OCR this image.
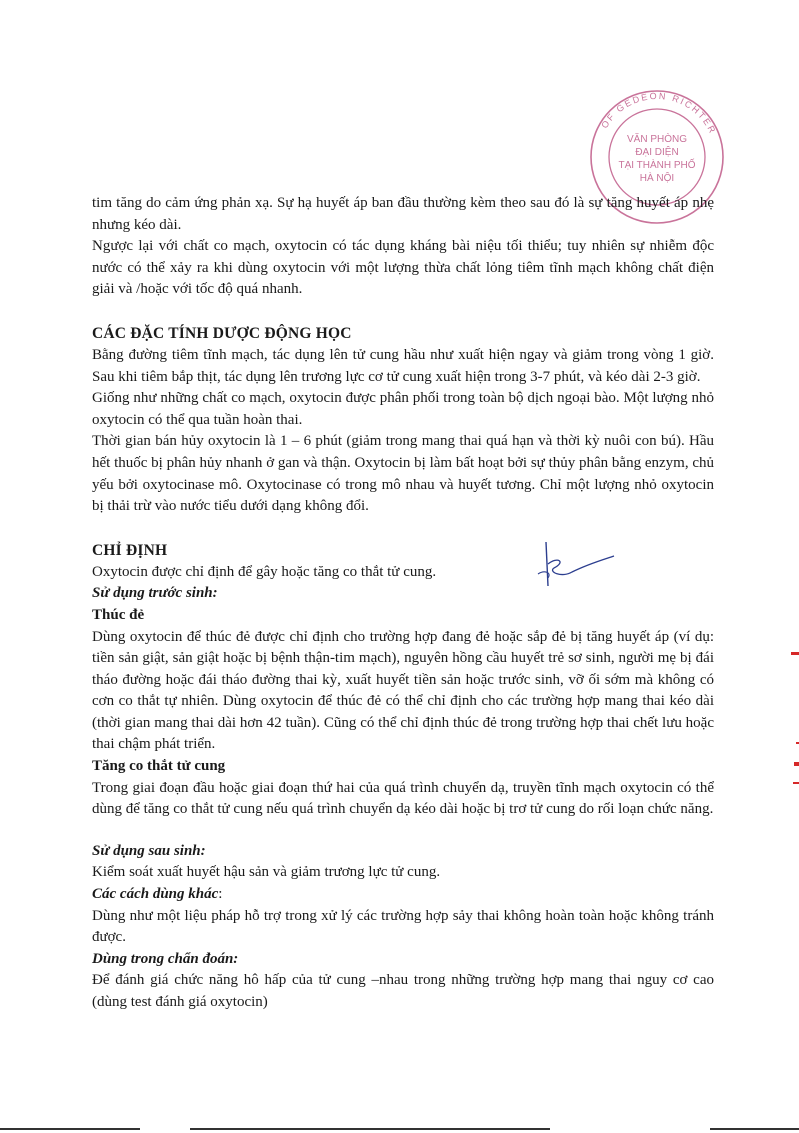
OF GEDEON RICHTER
VĂN PHÒNG
ĐẠI DIỆN
TẠI THÀNH PHỐ
HÀ NỘI

tim tăng do cảm ứng phản xạ. Sự hạ huyết áp ban đầu thường kèm theo sau đó là sự tăng huyết áp nhẹ nhưng kéo dài.

Ngược lại với chất co mạch, oxytocin có tác dụng kháng bài niệu tối thiểu; tuy nhiên sự nhiễm độc nước có thể xảy ra khi dùng oxytocin với một lượng thừa chất lỏng tiêm tĩnh mạch không chất điện giải và /hoặc với tốc độ quá nhanh.

CÁC ĐẶC TÍNH DƯỢC ĐỘNG HỌC

Bằng đường tiêm tĩnh mạch, tác dụng lên tử cung hầu như xuất hiện ngay và giảm trong vòng 1 giờ. Sau khi tiêm bắp thịt, tác dụng lên trương lực cơ tử cung xuất hiện trong 3-7 phút, và kéo dài 2-3 giờ.

Giống như những chất co mạch, oxytocin được phân phối trong toàn bộ dịch ngoại bào. Một lượng nhỏ oxytocin có thể qua tuần hoàn thai.

Thời gian bán hủy oxytocin là 1 – 6 phút (giảm trong mang thai quá hạn và thời kỳ nuôi con bú). Hầu hết thuốc bị phân hủy nhanh ở gan và thận. Oxytocin bị làm bất hoạt bởi sự thủy phân bằng enzym, chủ yếu bởi oxytocinase mô. Oxytocinase có trong mô nhau và huyết tương. Chỉ một lượng nhỏ oxytocin bị thải trừ vào nước tiểu dưới dạng không đổi.

CHỈ ĐỊNH

Oxytocin được chỉ định để gây hoặc tăng co thắt tử cung.

Sử dụng trước sinh:

Thúc đẻ

Dùng oxytocin để thúc đẻ được chỉ định cho trường hợp đang đẻ hoặc sắp đẻ bị tăng huyết áp (ví dụ: tiền sản giật, sản giật hoặc bị bệnh thận-tim mạch), nguyên hồng cầu huyết trẻ sơ sinh, người mẹ bị đái tháo đường hoặc đái tháo đường thai kỳ, xuất huyết tiền sản hoặc trước sinh, vỡ ối sớm mà không có cơn co thắt tự nhiên. Dùng oxytocin để thúc đẻ có thể chỉ định cho các trường hợp mang thai kéo dài (thời gian mang thai dài hơn 42 tuần). Cũng có thể chỉ định thúc đẻ trong trường hợp thai chết lưu hoặc thai chậm phát triển.

Tăng co thắt tử cung

Trong giai đoạn đầu hoặc giai đoạn thứ hai của quá trình chuyển dạ, truyền tĩnh mạch oxytocin có thể dùng để tăng co thắt tử cung nếu quá trình chuyển dạ kéo dài hoặc bị trơ tử cung do rối loạn chức năng.

Sử dụng sau sinh:

Kiểm soát xuất huyết hậu sản và giảm trương lực tử cung.

Các cách dùng khác:

Dùng như một liệu pháp hỗ trợ trong xử lý các trường hợp sảy thai không hoàn toàn hoặc không tránh được.

Dùng trong chẩn đoán:

Để đánh giá chức năng hô hấp của tử cung –nhau trong những trường hợp mang thai nguy cơ cao (dùng test đánh giá oxytocin)
